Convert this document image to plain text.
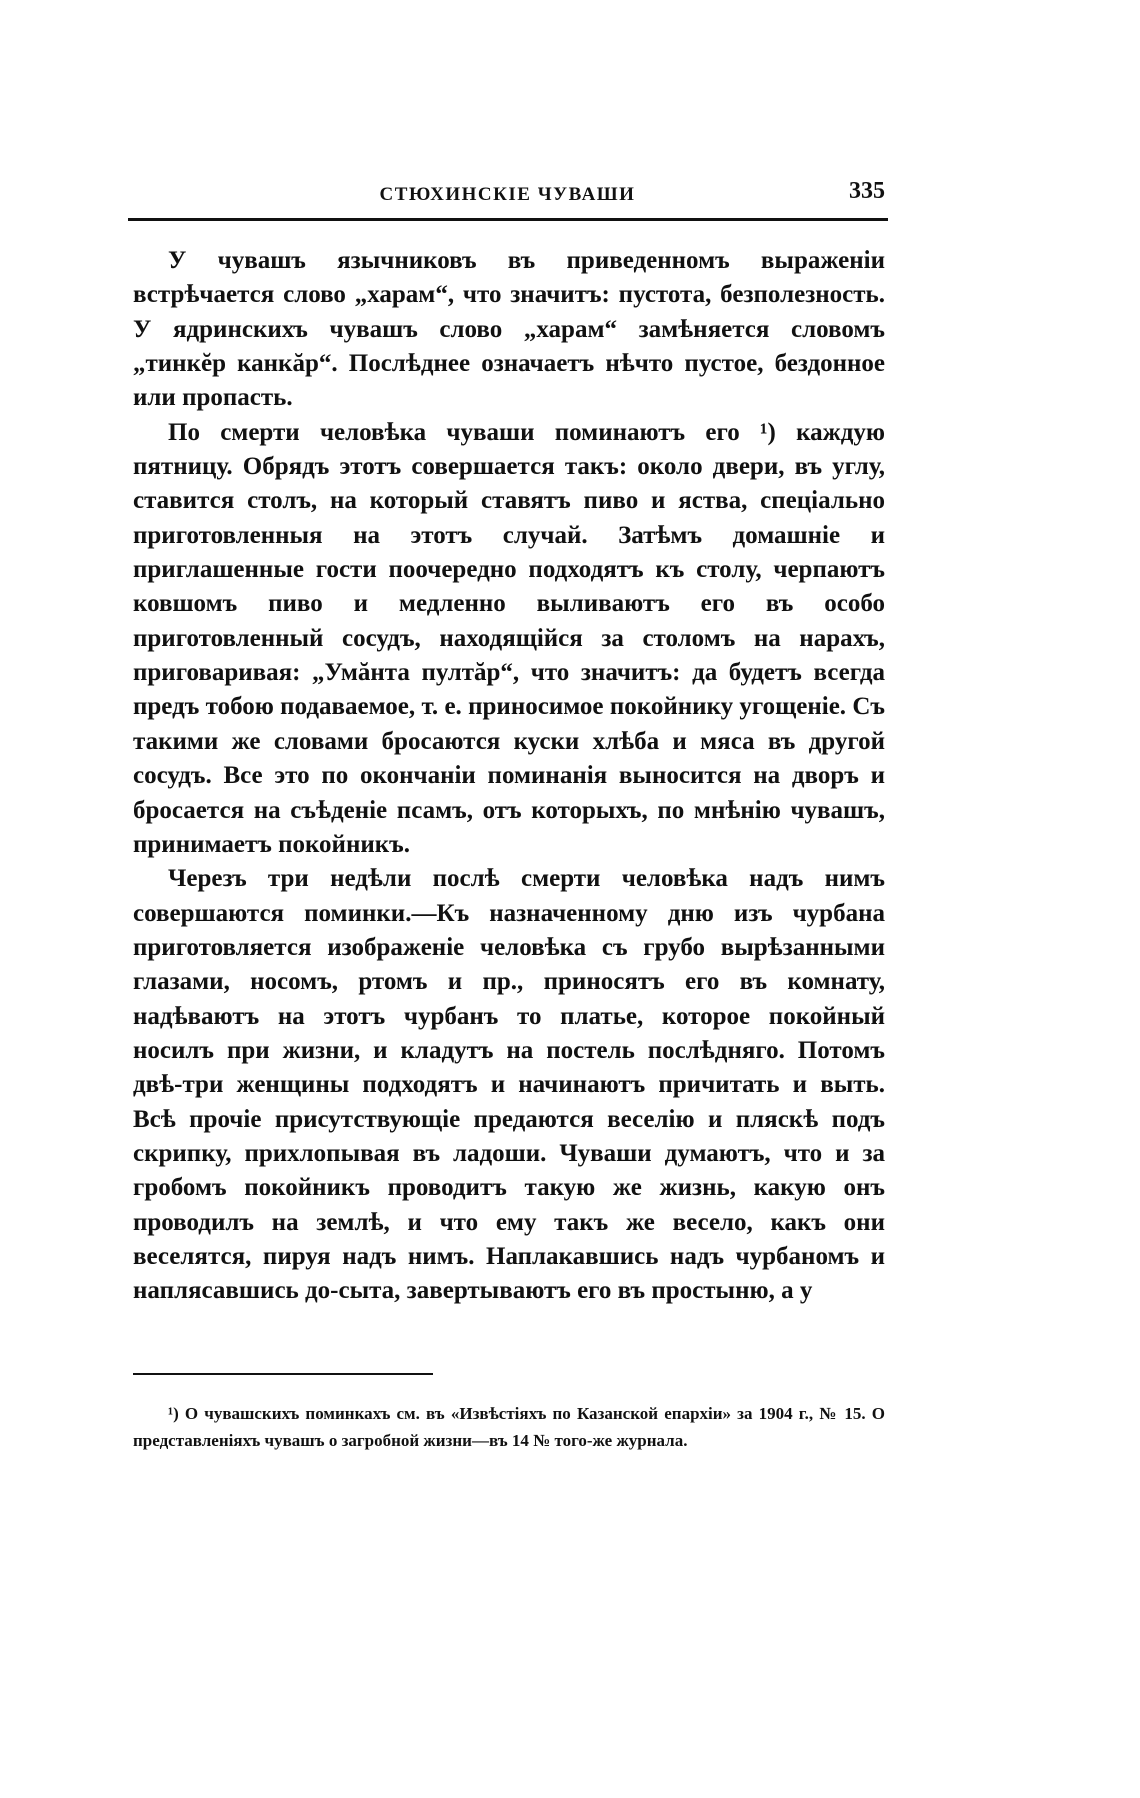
СТЮХИНСКІЕ ЧУВАШИ	335

У чувашъ язычниковъ въ приведенномъ выраженіи встрѣчается слово „харам“, что значитъ: пустота, безполезность. У ядринскихъ чувашъ слово „харам“ замѣняется словомъ „тинкĕр канкăр“. Послѣднее означаетъ нѣчто пустое, бездонное или пропасть.

По смерти человѣка чуваши поминаютъ его ¹) каждую пятницу. Обрядъ этотъ совершается такъ: около двери, въ углу, ставится столъ, на который ставятъ пиво и яства, спеціально приготовленныя на этотъ случай. Затѣмъ домашніе и приглашенные гости поочередно подходятъ къ столу, черпаютъ ковшомъ пиво и медленно выливаютъ его въ особо приготовленный сосудъ, находящійся за столомъ на нарахъ, приговаривая: „Умăнта пултăр“, что значитъ: да будетъ всегда предъ тобою подаваемое, т. е. приносимое покойнику угощеніе. Съ такими же словами бросаются куски хлѣба и мяса въ другой сосудъ. Все это по окончаніи поминанія выносится на дворъ и бросается на съѣденіе псамъ, отъ которыхъ, по мнѣнію чувашъ, принимаетъ покойникъ.

Черезъ три недѣли послѣ смерти человѣка надъ нимъ совершаются поминки.—Къ назначенному дню изъ чурбана приготовляется изображеніе человѣка съ грубо вырѣзанными глазами, носомъ, ртомъ и пр., приносятъ его въ комнату, надѣваютъ на этотъ чурбанъ то платье, которое покойный носилъ при жизни, и кладутъ на постель послѣдняго. Потомъ двѣ-три женщины подходятъ и начинаютъ причитать и выть. Всѣ прочіе присутствующіе предаются веселію и пляскѣ подъ скрипку, прихлопывая въ ладоши. Чуваши думаютъ, что и за гробомъ покойникъ проводитъ такую же жизнь, какую онъ проводилъ на землѣ, и что ему такъ же весело, какъ они веселятся, пируя надъ нимъ. Наплакавшись надъ чурбаномъ и наплясавшись до-сыта, завертываютъ его въ простыню, а у

¹) О чувашскихъ поминкахъ см. въ «Извѣстіяхъ по Казанской епархіи» за 1904 г., № 15. О представленіяхъ чувашъ о загробной жизни—въ 14 № того-же журнала.
